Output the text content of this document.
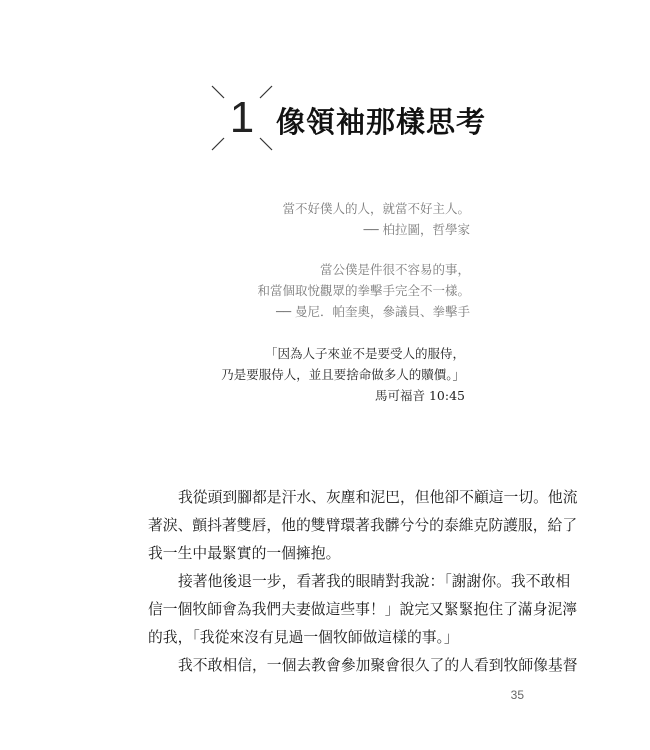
1 像領袖那樣思考
當不好僕人的人，就當不好主人。
── 柏拉圖，哲學家
當公僕是件很不容易的事，
和當個取悅觀眾的拳擊手完全不一樣。
── 曼尼．帕奎奧，參議員、拳擊手
「因為人子來並不是要受人的服侍，
乃是要服侍人，並且要捨命做多人的贖價。」
馬可福音 10:45
我從頭到腳都是汗水、灰塵和泥巴，但他卻不顧這一切。他流
著淚、顫抖著雙唇，他的雙臂環著我髒兮兮的泰維克防護服，給了
我一生中最緊實的一個擁抱。
接著他後退一步，看著我的眼睛對我說：「謝謝你。我不敢相
信一個牧師會為我們夫妻做這些事！」說完又緊緊抱住了滿身泥濘
的我，「我從來沒有見過一個牧師做這樣的事。」
我不敢相信，一個去教會參加聚會很久了的人看到牧師像基督
35
